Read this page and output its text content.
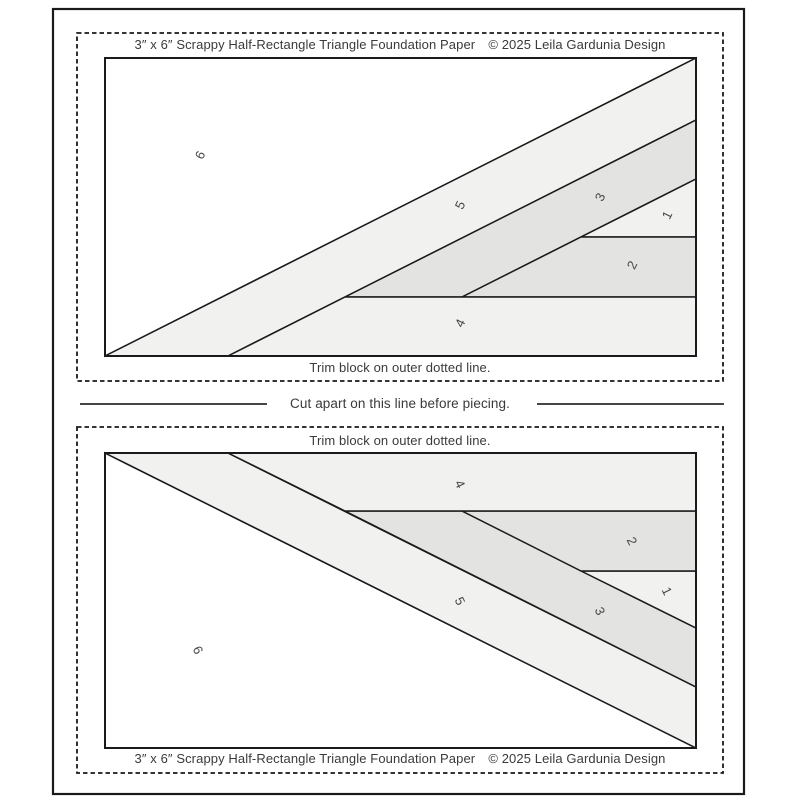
3″ x 6″ Scrappy Half-Rectangle Triangle Foundation Paper © 2025 Leila Gardunia Design
6
5
3
1
2
4
Trim block on outer dotted line.
Cut apart on this line before piecing.
Trim block on outer dotted line.
4
2
1
3
5
6
3″ x 6″ Scrappy Half-Rectangle Triangle Foundation Paper © 2025 Leila Gardunia Design
